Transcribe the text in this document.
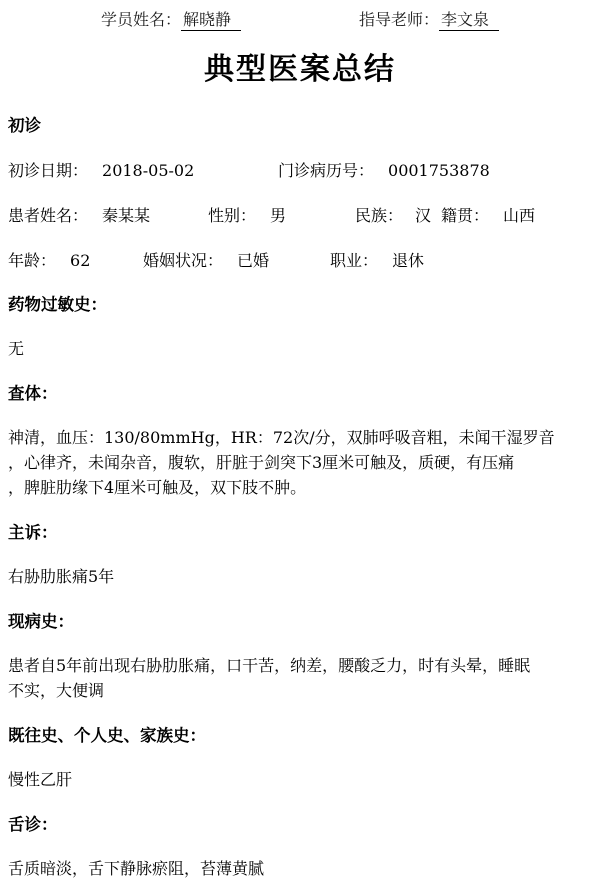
学员姓名： 解晓静	指导老师： 李文泉
典型医案总结
初诊
初诊日期： 2018-05-02	门诊病历号： 0001753878
患者姓名： 秦某某	性别： 男	民族： 汉 籍贯： 山西
年龄： 62	婚姻状况： 已婚	职业： 退休
药物过敏史：
无
查体：
神清，血压：130/80mmHg，HR：72次/分，双肺呼吸音粗，未闻干湿罗音
，心律齐，未闻杂音，腹软，肝脏于剑突下3厘米可触及，质硬，有压痛
，脾脏肋缘下4厘米可触及，双下肢不肿。
主诉：
右胁肋胀痛5年
现病史：
患者自5年前出现右胁肋胀痛，口干苦，纳差，腰酸乏力，时有头晕，睡眠
不实，大便调
既往史、个人史、家族史：
慢性乙肝
舌诊：
舌质暗淡，舌下静脉瘀阻，苔薄黄腻
